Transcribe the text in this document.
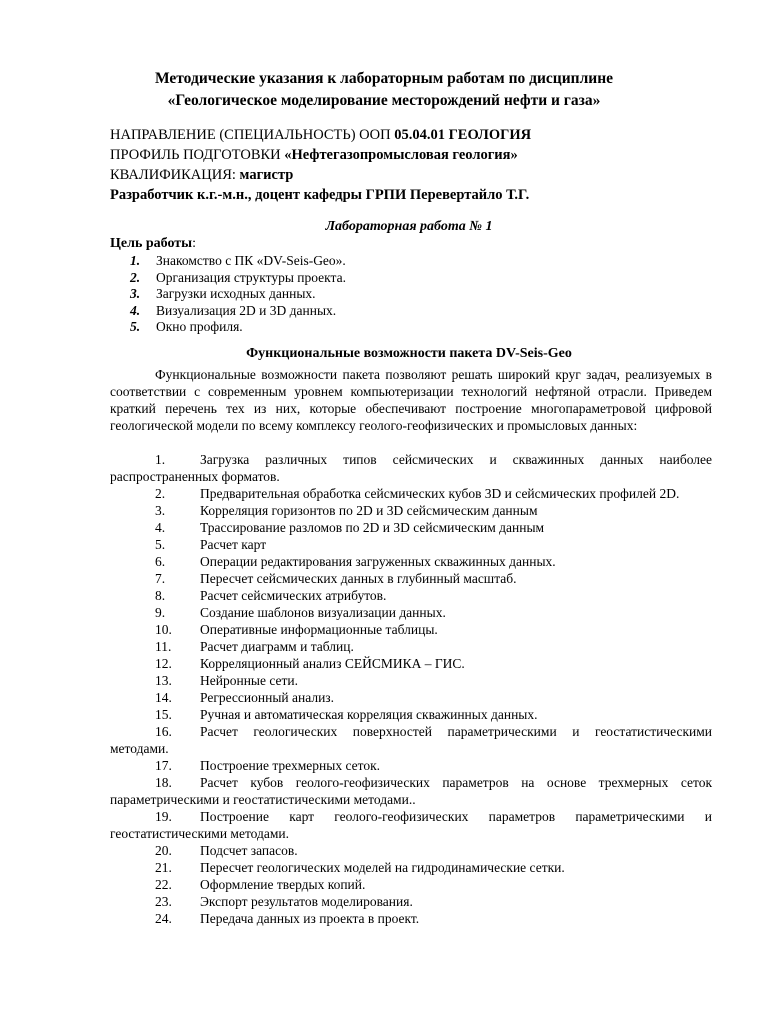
Методические указания к лабораторным работам по дисциплине
«Геологическое моделирование месторождений нефти и газа»
НАПРАВЛЕНИЕ (СПЕЦИАЛЬНОСТЬ) ООП 05.04.01 ГЕОЛОГИЯ
ПРОФИЛЬ ПОДГОТОВКИ «Нефтегазопромысловая геология»
КВАЛИФИКАЦИЯ: магистр
Разработчик к.г.-м.н., доцент кафедры ГРПИ Перевертайло Т.Г.
Лабораторная работа № 1
Цель работы:
1. Знакомство с ПК «DV-Seis-Geo».
2. Организация структуры проекта.
3. Загрузки исходных данных.
4. Визуализация 2D и 3D данных.
5. Окно профиля.
Функциональные возможности пакета DV-Seis-Geo
Функциональные возможности пакета позволяют решать широкий круг задач, реализуемых в соответствии с современным уровнем компьютеризации технологий нефтяной отрасли. Приведем краткий перечень тех из них, которые обеспечивают построение многопараметровой цифровой геологической модели по всему комплексу геолого-геофизических и промысловых данных:
1.	Загрузка различных типов сейсмических и скважинных данных наиболее распространенных форматов.
2.	Предварительная обработка сейсмических кубов 3D и сейсмических профилей 2D.
3.	Корреляция горизонтов по 2D и 3D сейсмическим данным
4.	Трассирование разломов по 2D и 3D сейсмическим данным
5.	Расчет карт
6.	Операции редактирования загруженных скважинных данных.
7.	Пересчет сейсмических данных в глубинный масштаб.
8.	Расчет сейсмических атрибутов.
9.	Создание шаблонов визуализации данных.
10. Оперативные информационные таблицы.
11. Расчет диаграмм и таблиц.
12. Корреляционный анализ СЕЙСМИКА – ГИС.
13. Нейронные сети.
14. Регрессионный анализ.
15. Ручная и автоматическая корреляция скважинных данных.
16. Расчет геологических поверхностей параметрическими и геостатистическими методами.
17. Построение трехмерных сеток.
18. Расчет кубов геолого-геофизических параметров на основе трехмерных сеток параметрическими и геостатистическими методами..
19. Построение карт геолого-геофизических параметров параметрическими и геостатистическими методами.
20. Подсчет запасов.
21. Пересчет геологических моделей на гидродинамические сетки.
22. Оформление твердых копий.
23. Экспорт результатов моделирования.
24. Передача данных из проекта в проект.
